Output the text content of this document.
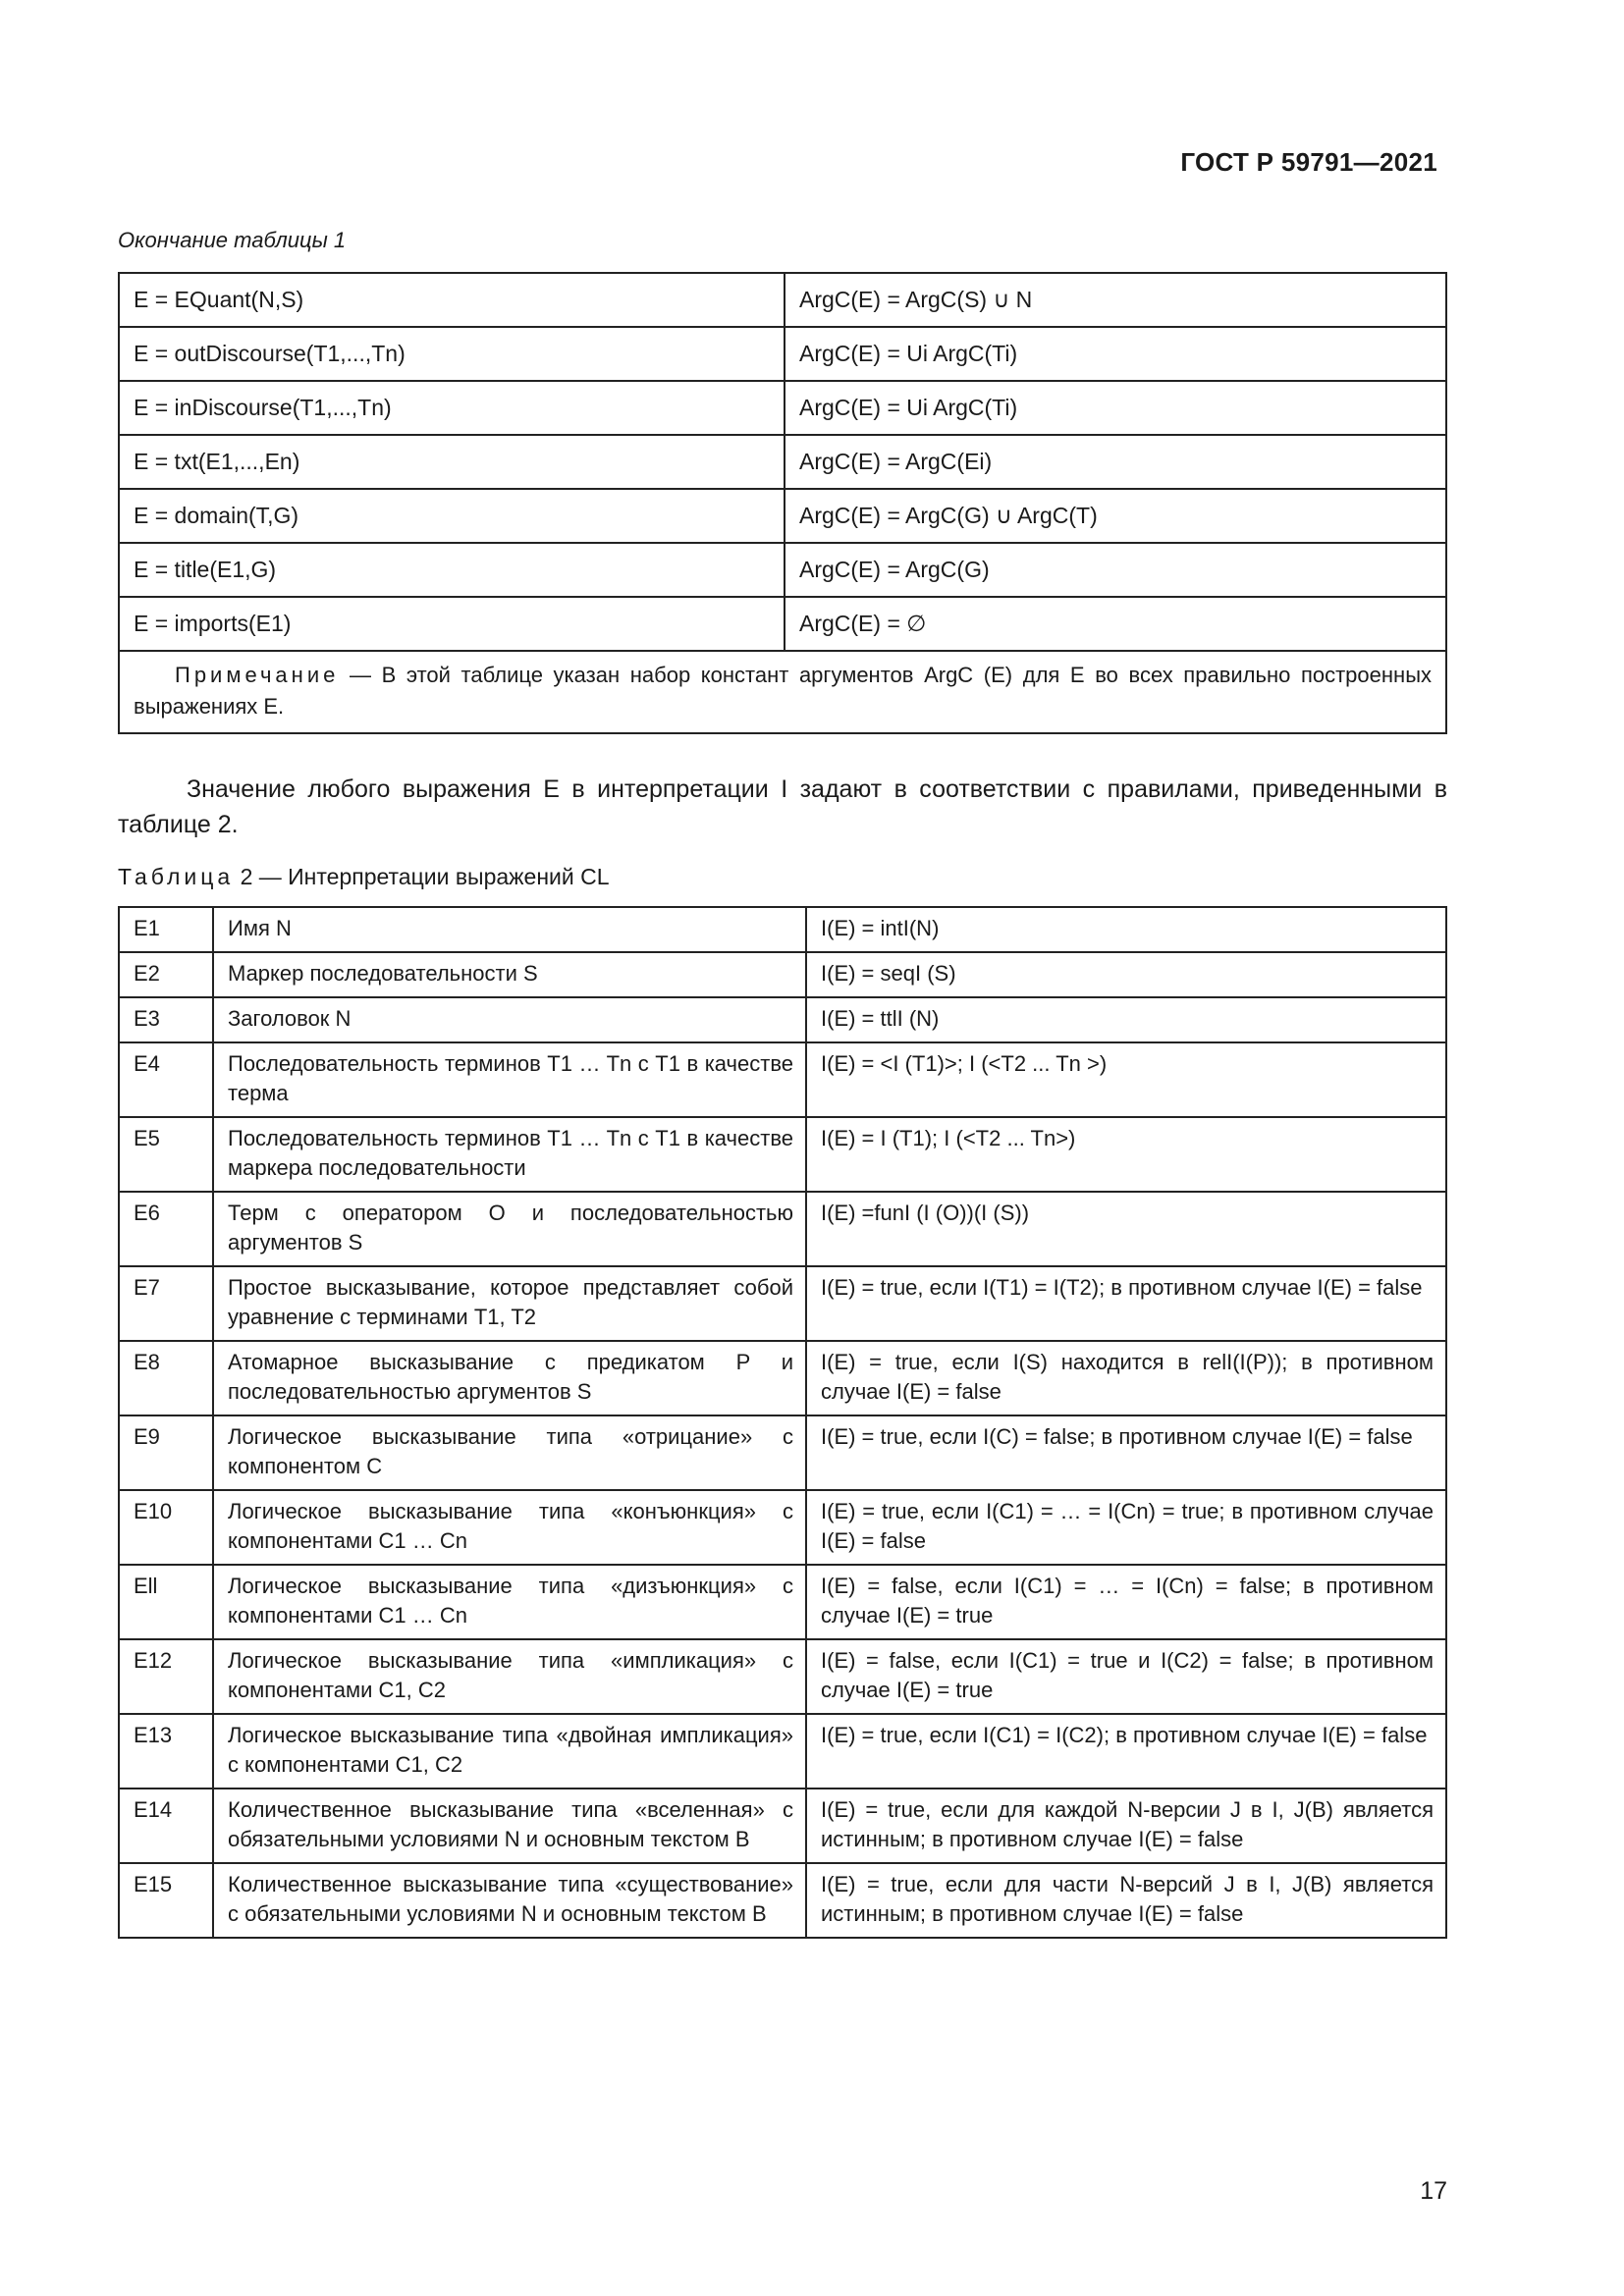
ГОСТ Р 59791—2021
Окончание таблицы 1
E = EQuant(N,S)	ArgC(E) = ArgC(S) ∪ N
E = outDiscourse(T1,...,Tn)	ArgC(E) = Ui ArgC(Ti)
E = inDiscourse(T1,...,Tn)	ArgC(E) = Ui ArgC(Ti)
E = txt(E1,...,En)	ArgC(E) = ArgC(Ei)
E = domain(T,G)	ArgC(E) = ArgC(G) ∪ ArgC(T)
E = title(E1,G)	ArgC(E) = ArgC(G)
E = imports(E1)	ArgC(E) = ∅
Примечание — В этой таблице указан набор констант аргументов ArgC (E) для E во всех правильно построенных выражениях E.	
Значение любого выражения E в интерпретации I задают в соответствии с правилами, приведенными в таблице 2.
Таблица 2 — Интерпретации выражений CL
E1	Имя N	I(E) = intI(N)
E2	Маркер последовательности S	I(E) = seqI (S)
E3	Заголовок N	I(E) = ttlI (N)
E4	Последовательность терминов T1 … Tn с T1 в качестве терма	I(E) = <I (T1)>; I (<T2 ... Tn >)
E5	Последовательность терминов T1 … Tn с T1 в качестве маркера последовательности	I(E) = I (T1); I (<T2 ... Tn>)
E6	Терм с оператором O и последовательностью аргументов S	I(E) =funI (I (O))(I (S))
E7	Простое высказывание, которое представляет собой уравнение с терминами T1, T2	I(E) = true, если I(T1) = I(T2); в противном случае I(E) = false
E8	Атомарное высказывание с предикатом P и последовательностью аргументов S	I(E) = true, если I(S) находится в relI(I(P)); в противном случае I(E) = false
E9	Логическое высказывание типа «отрицание» с компонентом C	I(E) = true, если I(C) = false; в противном случае I(E) = false
E10	Логическое высказывание типа «конъюнкция» с компонентами C1 … Cn	I(E) = true, если I(C1) = … = I(Cn) = true; в противном случае I(E) = false
Ell	Логическое высказывание типа «дизъюнкция» с компонентами C1 … Cn	I(E) = false, если I(C1) = … = I(Cn) = false; в противном случае I(E) = true
E12	Логическое высказывание типа «импликация» с компонентами C1, C2	I(E) = false, если I(C1) = true и I(C2) = false; в противном случае I(E) = true
E13	Логическое высказывание типа «двойная импликация» с компонентами C1, C2	I(E) = true, если I(C1) = I(C2); в противном случае I(E) = false
E14	Количественное высказывание типа «вселенная» с обязательными условиями N и основным текстом B	I(E) = true, если для каждой N-версии J в I, J(B) является истинным; в противном случае I(E) = false
E15	Количественное высказывание типа «существование» с обязательными условиями N и основным текстом B	I(E) = true, если для части N-версий J в I, J(B) является истинным; в противном случае I(E) = false
17
